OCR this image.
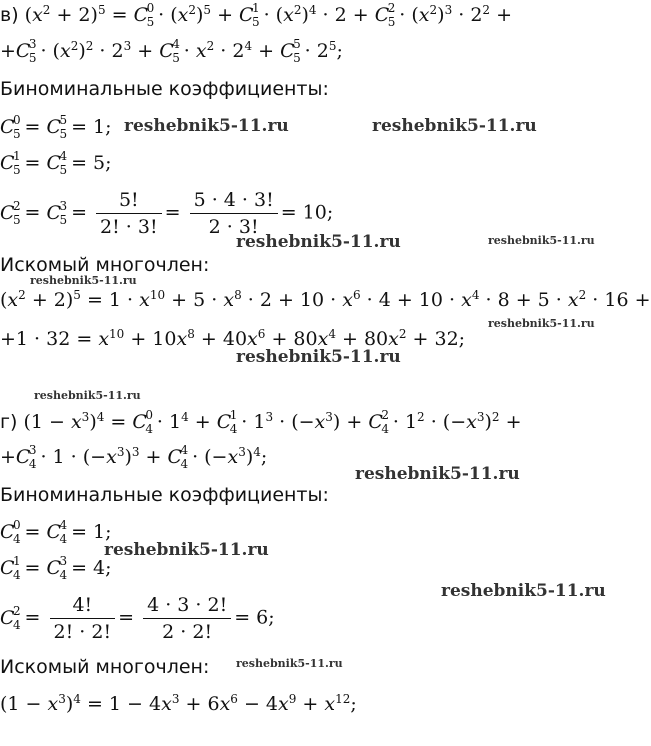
в) $(x^2 + 2)^5 = C$
0
$5 \cdot (x^2)^5 + C$
1
$5 \cdot (x^2)^4 \cdot 2 + C$
2
$5 \cdot (x^2)^3 \cdot 2^2$ +
+C
3
$5 \cdot (x^2)^2 \cdot 2^3 + C$
4
$5 \cdot x^2 \cdot 2^4 + C$
5
$5 \cdot 2^5$;
Биноминальные коэффициенты:
C
0
5 = C
5
5 = 1;
C
1
5 = C
4
5 = 5;
C
2
5 = C
3
$5 = \frac{5!}{2! \cdot 3!} = \frac{5 \cdot 4 \cdot 3!}{2 \cdot 3!} = 10$;
Искомый многочлен:
$(x^2 + 2)^5 = 1 \cdot x^{10} + 5 \cdot x^8 \cdot 2 + 10 \cdot x^6 \cdot 4 + 10 \cdot x^4 \cdot 8 + 5 \cdot x^2 \cdot 16$ +
$+1 \cdot 32 = x^{10} + 10x^8 + 40x^6 + 80x^4 + 80x^2 + 32$;
г) $(1 - x^3)^4 = C$
0
$4 \cdot 1^4 + C$
1
$4 \cdot 1^3 \cdot (-x^3) + C$
2
$4 \cdot 1^2 \cdot (-x^3)^2$ +
+C
3
$4 \cdot 1 \cdot (-x^3)^3 + C$
4
$4 \cdot (-x^3)^4$;
Биноминальные коэффициенты:
C
0
4 = C
4
4 = 1;
C
1
4 = C
3
4 = 4;
C
2
$4 = \frac{4!}{2! \cdot 2!} = \frac{4 \cdot 3 \cdot 2!}{2 \cdot 2!} = 6$;
Искомый многочлен:
$(1 - x^3)^4 = 1 - 4x^3 + 6x^6 - 4x^9 + x^{12}$;
reshebnik5-11.ru	reshebnik5-11.ru
reshebnik5-11.ru	reshebnik5-11.ru
reshebnik5-11.ru
reshebnik5-11.ru
reshebnik5-11.ru
reshebnik5-11.ru
reshebnik5-11.ru
reshebnik5-11.ru
reshebnik5-11.ru
reshebnik5-11.ru
